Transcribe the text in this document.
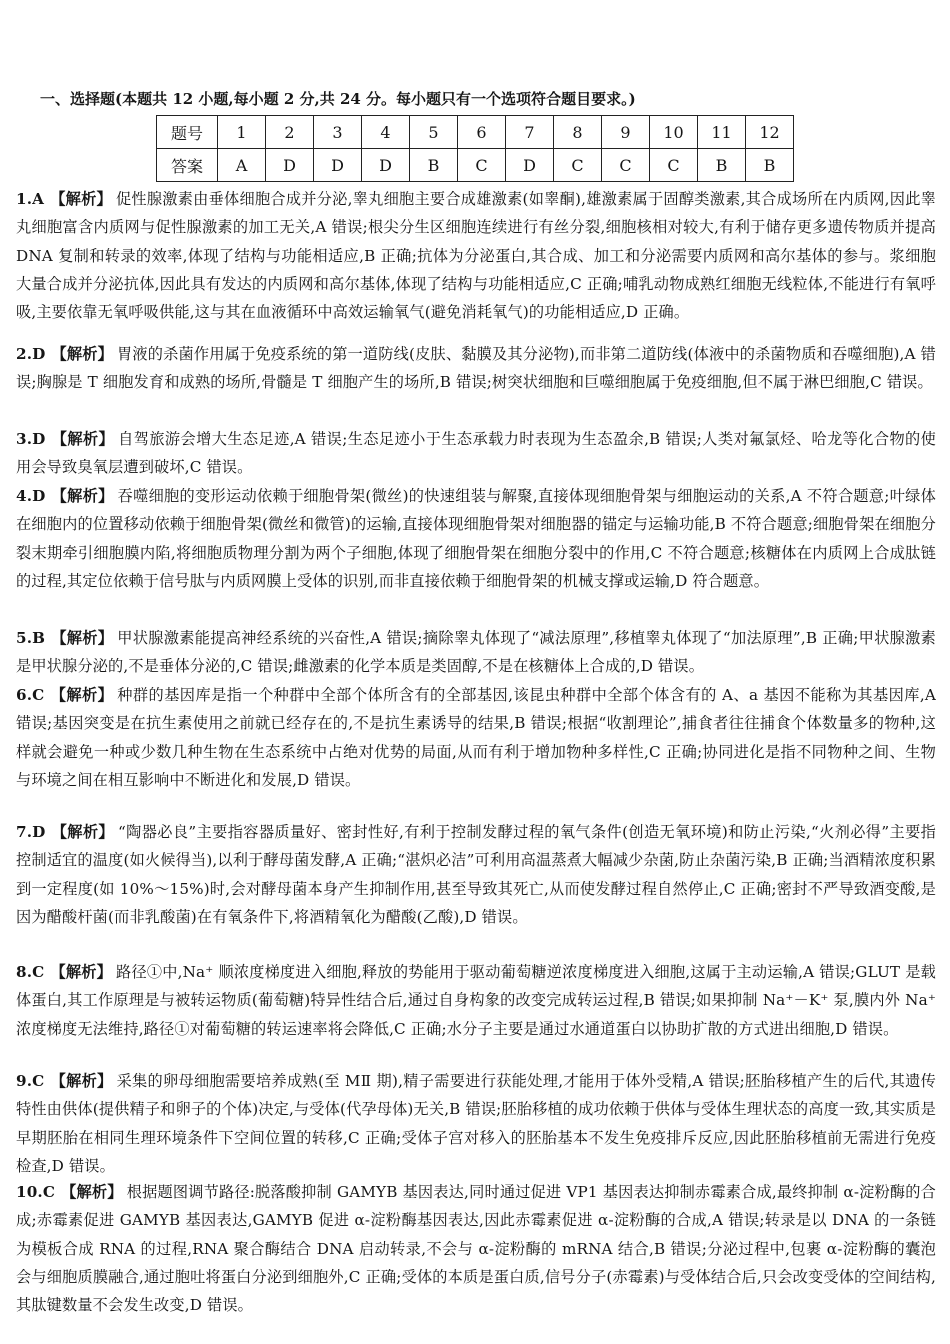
一、选择题(本题共 12 小题,每小题 2 分,共 24 分。每小题只有一个选项符合题目要求。)
题号	1	2	3	4	5	6	7	8	9	10	11	12
答案	A	D	D	D	B	C	D	C	C	C	B	B
1.A 【解析】 促性腺激素由垂体细胞合成并分泌,睾丸细胞主要合成雄激素(如睾酮),雄激素属于固醇类激素,其合成场所在内质网,因此睾丸细胞富含内质网与促性腺激素的加工无关,A 错误;根尖分生区细胞连续进行有丝分裂,细胞核相对较大,有利于储存更多遗传物质并提高 DNA 复制和转录的效率,体现了结构与功能相适应,B 正确;抗体为分泌蛋白,其合成、加工和分泌需要内质网和高尔基体的参与。浆细胞大量合成并分泌抗体,因此具有发达的内质网和高尔基体,体现了结构与功能相适应,C 正确;哺乳动物成熟红细胞无线粒体,不能进行有氧呼吸,主要依靠无氧呼吸供能,这与其在血液循环中高效运输氧气(避免消耗氧气)的功能相适应,D 正确。
2.D 【解析】 胃液的杀菌作用属于免疫系统的第一道防线(皮肤、黏膜及其分泌物),而非第二道防线(体液中的杀菌物质和吞噬细胞),A 错误;胸腺是 T 细胞发育和成熟的场所,骨髓是 T 细胞产生的场所,B 错误;树突状细胞和巨噬细胞属于免疫细胞,但不属于淋巴细胞,C 错误。
3.D 【解析】 自驾旅游会增大生态足迹,A 错误;生态足迹小于生态承载力时表现为生态盈余,B 错误;人类对氟氯烃、哈龙等化合物的使用会导致臭氧层遭到破坏,C 错误。
4.D 【解析】 吞噬细胞的变形运动依赖于细胞骨架(微丝)的快速组装与解聚,直接体现细胞骨架与细胞运动的关系,A 不符合题意;叶绿体在细胞内的位置移动依赖于细胞骨架(微丝和微管)的运输,直接体现细胞骨架对细胞器的锚定与运输功能,B 不符合题意;细胞骨架在细胞分裂末期牵引细胞膜内陷,将细胞质物理分割为两个子细胞,体现了细胞骨架在细胞分裂中的作用,C 不符合题意;核糖体在内质网上合成肽链的过程,其定位依赖于信号肽与内质网膜上受体的识别,而非直接依赖于细胞骨架的机械支撑或运输,D 符合题意。
5.B 【解析】 甲状腺激素能提高神经系统的兴奋性,A 错误;摘除睾丸体现了“减法原理”,移植睾丸体现了“加法原理”,B 正确;甲状腺激素是甲状腺分泌的,不是垂体分泌的,C 错误;雌激素的化学本质是类固醇,不是在核糖体上合成的,D 错误。
6.C 【解析】 种群的基因库是指一个种群中全部个体所含有的全部基因,该昆虫种群中全部个体含有的 A、a 基因不能称为其基因库,A 错误;基因突变是在抗生素使用之前就已经存在的,不是抗生素诱导的结果,B 错误;根据“收割理论”,捕食者往往捕食个体数量多的物种,这样就会避免一种或少数几种生物在生态系统中占绝对优势的局面,从而有利于增加物种多样性,C 正确;协同进化是指不同物种之间、生物与环境之间在相互影响中不断进化和发展,D 错误。
7.D 【解析】 “陶器必良”主要指容器质量好、密封性好,有利于控制发酵过程的氧气条件(创造无氧环境)和防止污染,“火剂必得”主要指控制适宜的温度(如火候得当),以利于酵母菌发酵,A 正确;“湛炽必洁”可利用高温蒸煮大幅减少杂菌,防止杂菌污染,B 正确;当酒精浓度积累到一定程度(如 10%～15%)时,会对酵母菌本身产生抑制作用,甚至导致其死亡,从而使发酵过程自然停止,C 正确;密封不严导致酒变酸,是因为醋酸杆菌(而非乳酸菌)在有氧条件下,将酒精氧化为醋酸(乙酸),D 错误。
8.C 【解析】 路径①中,Na⁺ 顺浓度梯度进入细胞,释放的势能用于驱动葡萄糖逆浓度梯度进入细胞,这属于主动运输,A 错误;GLUT 是载体蛋白,其工作原理是与被转运物质(葡萄糖)特异性结合后,通过自身构象的改变完成转运过程,B 错误;如果抑制 Na⁺－K⁺ 泵,膜内外 Na⁺ 浓度梯度无法维持,路径①对葡萄糖的转运速率将会降低,C 正确;水分子主要是通过水通道蛋白以协助扩散的方式进出细胞,D 错误。
9.C 【解析】 采集的卵母细胞需要培养成熟(至 MⅡ 期),精子需要进行获能处理,才能用于体外受精,A 错误;胚胎移植产生的后代,其遗传特性由供体(提供精子和卵子的个体)决定,与受体(代孕母体)无关,B 错误;胚胎移植的成功依赖于供体与受体生理状态的高度一致,其实质是早期胚胎在相同生理环境条件下空间位置的转移,C 正确;受体子宫对移入的胚胎基本不发生免疫排斥反应,因此胚胎移植前无需进行免疫检查,D 错误。
10.C 【解析】 根据题图调节路径:脱落酸抑制 GAMYB 基因表达,同时通过促进 VP1 基因表达抑制赤霉素合成,最终抑制 α-淀粉酶的合成;赤霉素促进 GAMYB 基因表达,GAMYB 促进 α-淀粉酶基因表达,因此赤霉素促进 α-淀粉酶的合成,A 错误;转录是以 DNA 的一条链为模板合成 RNA 的过程,RNA 聚合酶结合 DNA 启动转录,不会与 α-淀粉酶的 mRNA 结合,B 错误;分泌过程中,包裹 α-淀粉酶的囊泡会与细胞质膜融合,通过胞吐将蛋白分泌到细胞外,C 正确;受体的本质是蛋白质,信号分子(赤霉素)与受体结合后,只会改变受体的空间结构,其肽键数量不会发生改变,D 错误。
